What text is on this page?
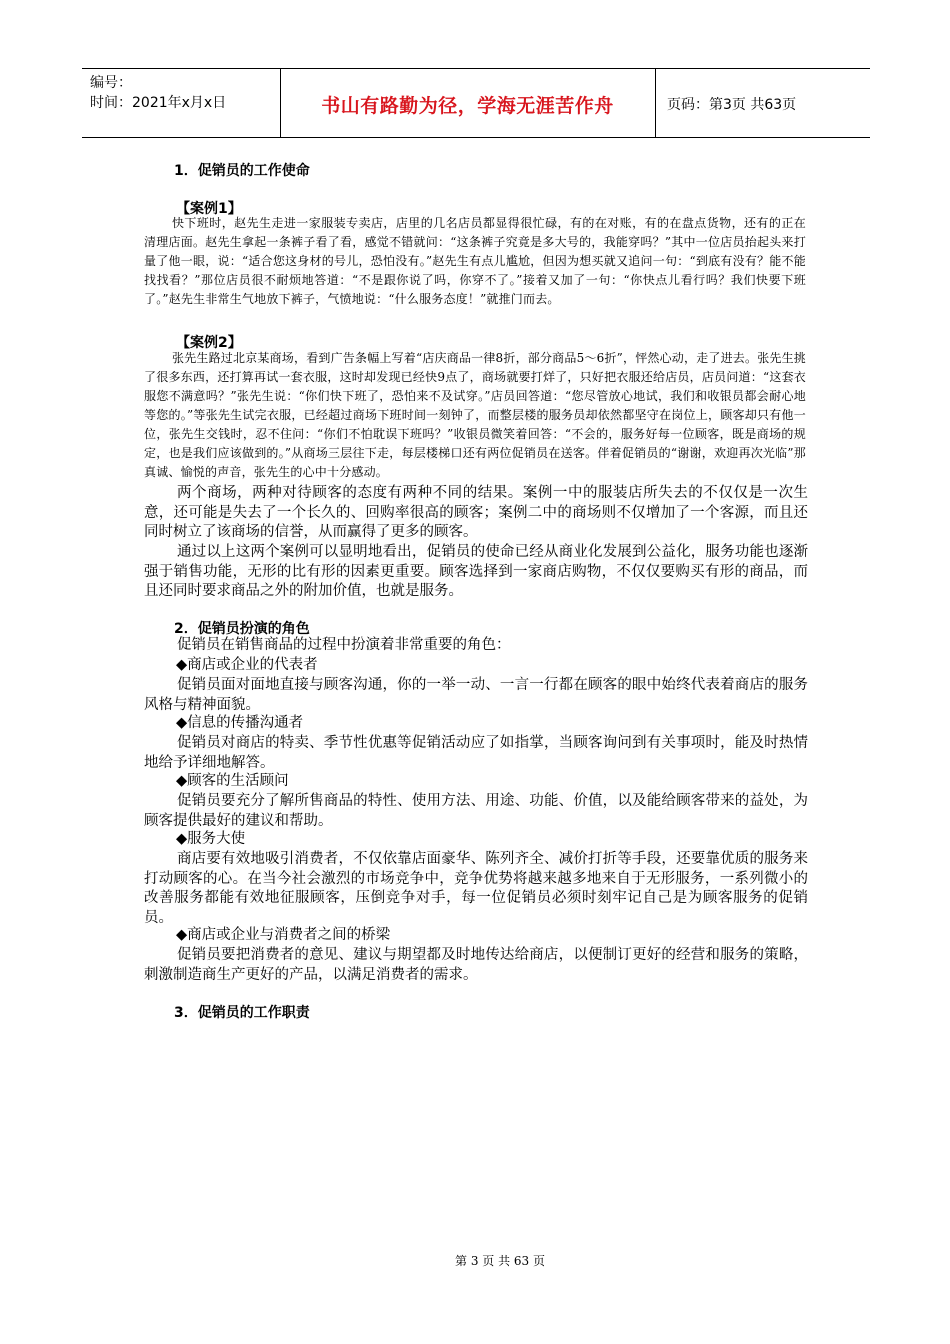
编号：
时间：2021年x月x日	书山有路勤为径，学海无涯苦作舟	页码：第3页 共63页
1．促销员的工作使命
【案例1】
快下班时，赵先生走进一家服装专卖店，店里的几名店员都显得很忙碌，有的在对账，有的在盘点货物，还有的正在清理店面。赵先生拿起一条裤子看了看，感觉不错就问：“这条裤子究竟是多大号的，我能穿吗？”其中一位店员抬起头来打量了他一眼，说：“适合您这身材的号儿，恐怕没有。”赵先生有点儿尴尬，但因为想买就又追问一句：“到底有没有？能不能找找看？”那位店员很不耐烦地答道：“不是跟你说了吗，你穿不了。”接着又加了一句：“你快点儿看行吗？我们快要下班了。”赵先生非常生气地放下裤子，气愤地说：“什么服务态度！”就推门而去。
【案例2】
张先生路过北京某商场，看到广告条幅上写着“店庆商品一律8折，部分商品5～6折”，怦然心动，走了进去。张先生挑了很多东西，还打算再试一套衣服，这时却发现已经快9点了，商场就要打烊了，只好把衣服还给店员，店员问道：“这套衣服您不满意吗？”张先生说：“你们快下班了，恐怕来不及试穿。”店员回答道：“您尽管放心地试，我们和收银员都会耐心地等您的。”等张先生试完衣服，已经超过商场下班时间一刻钟了，而整层楼的服务员却依然都坚守在岗位上，顾客却只有他一位，张先生交钱时，忍不住问：“你们不怕耽误下班吗？”收银员微笑着回答：“不会的，服务好每一位顾客，既是商场的规定，也是我们应该做到的。”从商场三层往下走，每层楼梯口还有两位促销员在送客。伴着促销员的“谢谢，欢迎再次光临”那真诚、愉悦的声音，张先生的心中十分感动。

两个商场，两种对待顾客的态度有两种不同的结果。案例一中的服装店所失去的不仅仅是一次生意，还可能是失去了一个长久的、回购率很高的顾客；案例二中的商场则不仅增加了一个客源，而且还同时树立了该商场的信誉，从而赢得了更多的顾客。

通过以上这两个案例可以显明地看出，促销员的使命已经从商业化发展到公益化，服务功能也逐渐强于销售功能，无形的比有形的因素更重要。顾客选择到一家商店购物，不仅仅要购买有形的商品，而且还同时要求商品之外的附加价值，也就是服务。

2．促销员扮演的角色

促销员在销售商品的过程中扮演着非常重要的角色：

◆商店或企业的代表者

促销员面对面地直接与顾客沟通，你的一举一动、一言一行都在顾客的眼中始终代表着商店的服务风格与精神面貌。

◆信息的传播沟通者

促销员对商店的特卖、季节性优惠等促销活动应了如指掌，当顾客询问到有关事项时，能及时热情地给予详细地解答。

◆顾客的生活顾问

促销员要充分了解所售商品的特性、使用方法、用途、功能、价值，以及能给顾客带来的益处，为顾客提供最好的建议和帮助。

◆服务大使

商店要有效地吸引消费者，不仅依靠店面豪华、陈列齐全、减价打折等手段，还要靠优质的服务来打动顾客的心。在当今社会激烈的市场竞争中，竞争优势将越来越多地来自于无形服务，一系列微小的改善服务都能有效地征服顾客，压倒竞争对手，每一位促销员必须时刻牢记自己是为顾客服务的促销员。

◆商店或企业与消费者之间的桥梁

促销员要把消费者的意见、建议与期望都及时地传达给商店，以便制订更好的经营和服务的策略，刺激制造商生产更好的产品，以满足消费者的需求。

3．促销员的工作职责
第 3 页 共 63 页
